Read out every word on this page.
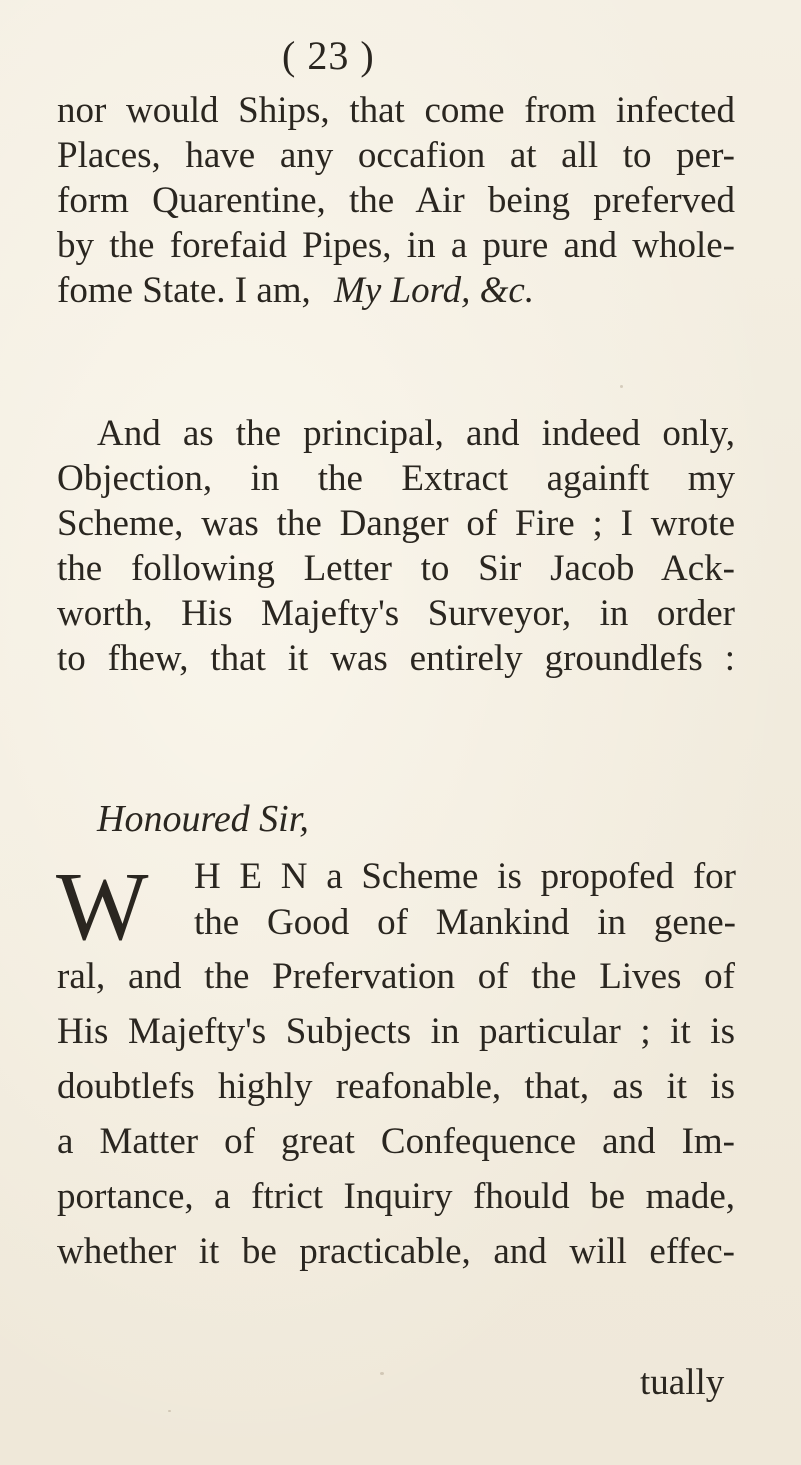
( 23 )
nor would Ships, that come from infected
Places, have any occafion at all to per-
form Quarentine, the Air being preferved
by the forefaid Pipes, in a pure and whole-
fome State. I am, My Lord, &c.
And as the principal, and indeed only,
Objection, in the Extract againft my
Scheme, was the Danger of Fire ; I wrote
the following Letter to Sir Jacob Ack-
worth, His Majefty's Surveyor, in order
to fhew, that it was entirely groundlefs :
Honoured Sir,
W H E N a Scheme is propofed for
the Good of Mankind in gene-
ral, and the Prefervation of the Lives of
His Majefty's Subjects in particular ; it is
doubtlefs highly reafonable, that, as it is
a Matter of great Confequence and Im-
portance, a ftrict Inquiry fhould be made,
whether it be practicable, and will effec-
tually
